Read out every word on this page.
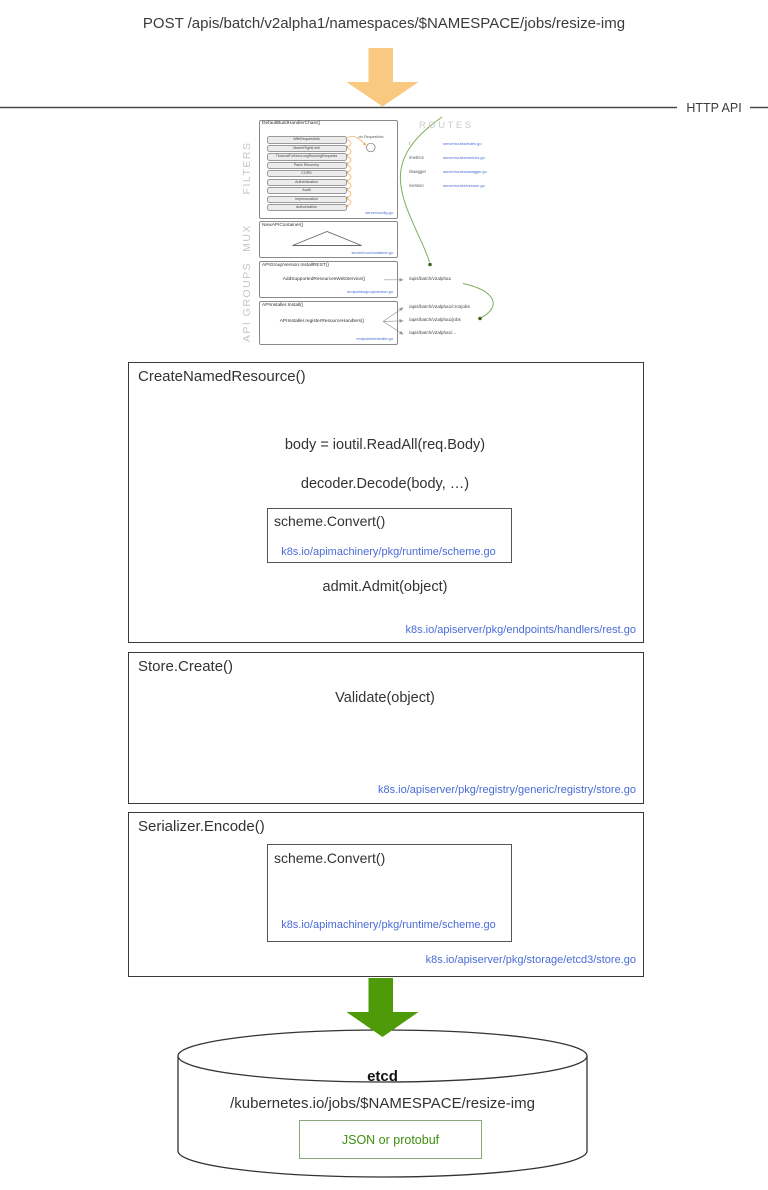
POST /apis/batch/v2alpha1/namespaces/$NAMESPACE/jobs/resize-img
HTTP API
FILTERS
MUX
API GROUPS
DefaultBuildHandlerChain()
WithRequestInfo
MaxInFlightLimit
TimeoutForNonLongRunningRequests
Panic Recovery
CORS
Authentication
Audit
Impersonation
Authorization
ctx.RequestInfo
server/config.go
NewAPIContainer()
server/mux/container.go
APIGroupVersion.InstallREST()
AddSupportedResourcesWebService()
endpoints/groupversion.go
APIInstaller.Install()
APIInstaller.registerResourceHandlers()
endpoints/installer.go
ROUTES
/	server/routes/index.go
/metrics	server/routes/metrics.go
/swagger	server/routes/swagger.go
/version	server/routes/version.go
/apis/batch/v2alpha1
/apis/batch/v2alpha1/cronjobs
/apis/batch/v2alpha1/jobs
/apis/batch/v2alpha1/...
CreateNamedResource()
body = ioutil.ReadAll(req.Body)
decoder.Decode(body, …)
scheme.Convert()
k8s.io/apimachinery/pkg/runtime/scheme.go
admit.Admit(object)
k8s.io/apiserver/pkg/endpoints/handlers/rest.go
Store.Create()
Validate(object)
k8s.io/apiserver/pkg/registry/generic/registry/store.go
Serializer.Encode()
scheme.Convert()
k8s.io/apimachinery/pkg/runtime/scheme.go
k8s.io/apiserver/pkg/storage/etcd3/store.go
etcd
/kubernetes.io/jobs/$NAMESPACE/resize-img
JSON or protobuf
